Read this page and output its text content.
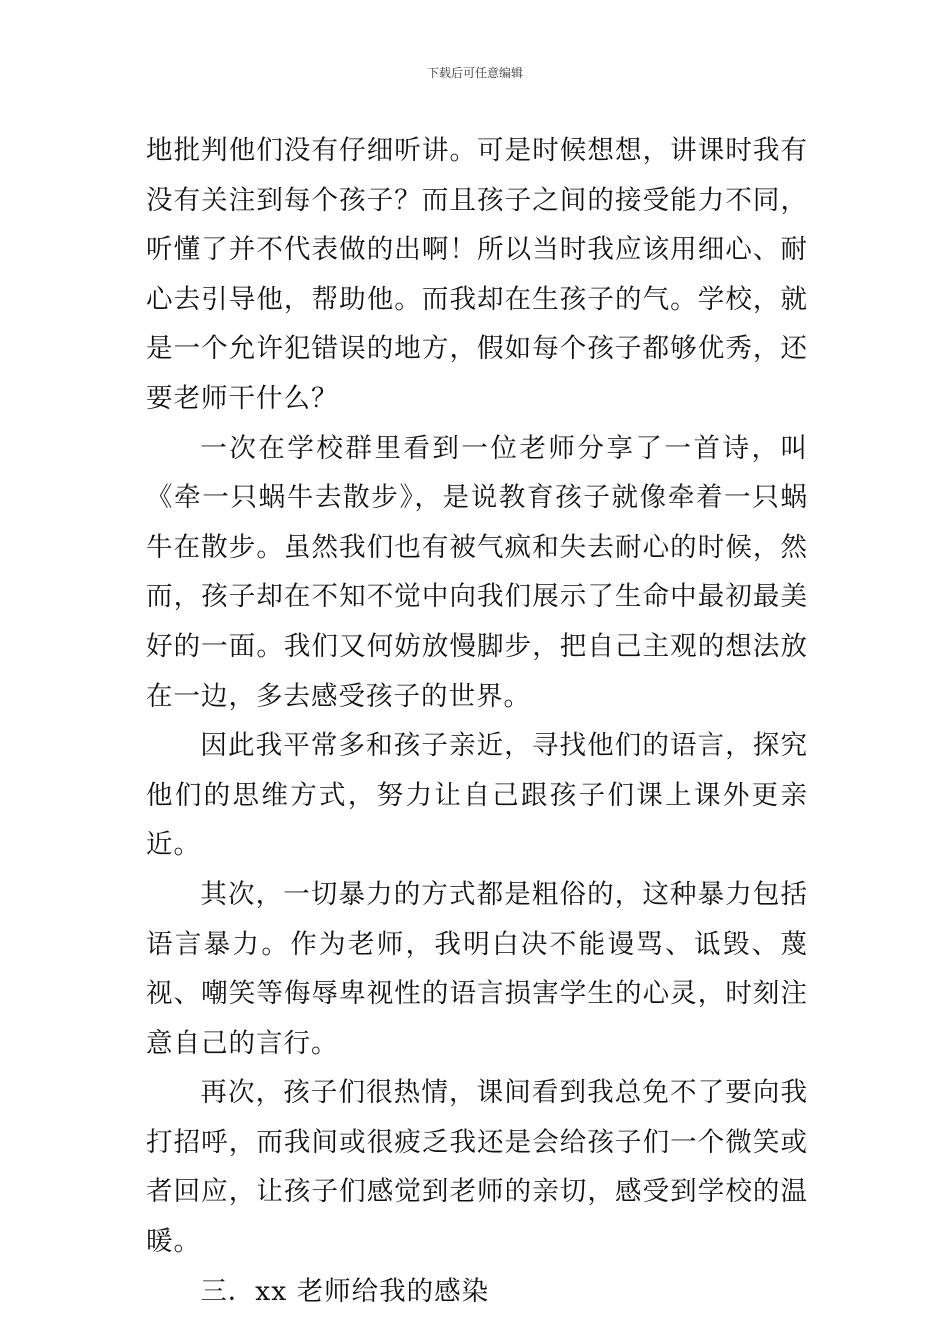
下载后可任意编辑

地批判他们没有仔细听讲。可是时候想想，讲课时我有没有关注到每个孩子？而且孩子之间的接受能力不同，听懂了并不代表做的出啊！所以当时我应该用细心、耐心去引导他，帮助他。而我却在生孩子的气。学校，就是一个允许犯错误的地方，假如每个孩子都够优秀，还要老师干什么？

一次在学校群里看到一位老师分享了一首诗，叫《牵一只蜗牛去散步》，是说教育孩子就像牵着一只蜗牛在散步。虽然我们也有被气疯和失去耐心的时候，然而，孩子却在不知不觉中向我们展示了生命中最初最美好的一面。我们又何妨放慢脚步，把自己主观的想法放在一边，多去感受孩子的世界。

因此我平常多和孩子亲近，寻找他们的语言，探究他们的思维方式，努力让自己跟孩子们课上课外更亲近。

其次，一切暴力的方式都是粗俗的，这种暴力包括语言暴力。作为老师，我明白决不能谩骂、诋毁、蔑视、嘲笑等侮辱卑视性的语言损害学生的心灵，时刻注意自己的言行。

再次，孩子们很热情，课间看到我总免不了要向我打招呼，而我间或很疲乏我还是会给孩子们一个微笑或者回应，让孩子们感觉到老师的亲切，感受到学校的温暖。

三．xx 老师给我的感染
